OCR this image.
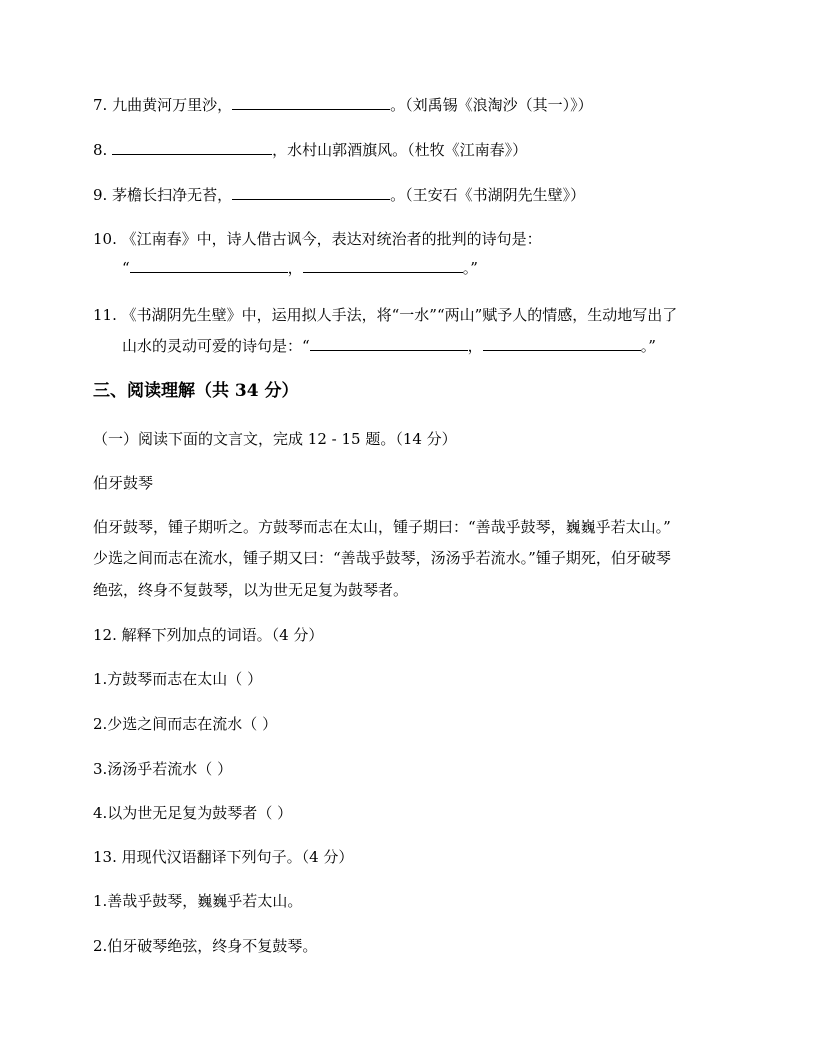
7. 九曲黄河万里沙，	。（刘禹锡《浪淘沙（其一）》）
8.	，水村山郭酒旗风。（杜牧《江南春》）
9. 茅檐长扫净无苔，	。（王安石《书湖阴先生壁》）
10. 《江南春》中，诗人借古讽今，表达对统治者的批判的诗句是：
“	，	。”
11. 《书湖阴先生壁》中，运用拟人手法，将“一水”“两山”赋予人的情感，生动地写出了
山水的灵动可爱的诗句是：“	，	。”
三、阅读理解（共 34 分）
（一）阅读下面的文言文，完成 12 - 15 题。（14 分）
伯牙鼓琴
伯牙鼓琴，锺子期听之。方鼓琴而志在太山，锺子期曰：“善哉乎鼓琴，巍巍乎若太山。”
少选之间而志在流水，锺子期又曰：“善哉乎鼓琴，汤汤乎若流水。”锺子期死，伯牙破琴
绝弦，终身不复鼓琴，以为世无足复为鼓琴者。
12. 解释下列加点的词语。（4 分）
1.方鼓琴而志在太山（ ）
2.少选之间而志在流水（ ）
3.汤汤乎若流水（ ）
4.以为世无足复为鼓琴者（ ）
13. 用现代汉语翻译下列句子。（4 分）
1.善哉乎鼓琴，巍巍乎若太山。
2.伯牙破琴绝弦，终身不复鼓琴。
